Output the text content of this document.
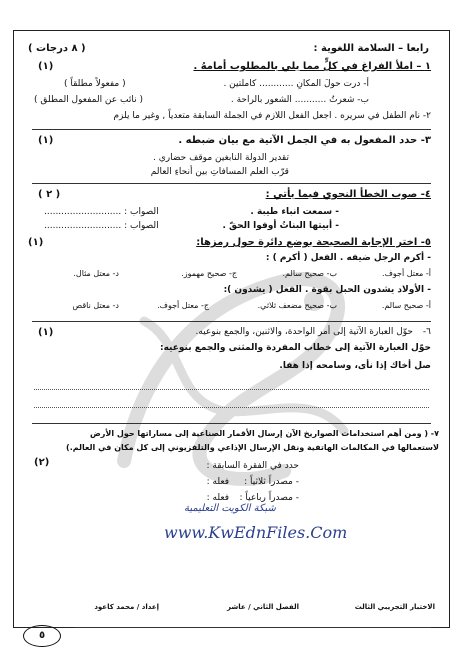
رابعا – السلامة اللغوية :
( ٨ درجات )
١ – املأ الفراغ في كلٍّ مما يلي بالمطلوب أمامهُ .
(١)
أ- درت حولَ المكانِ ............ كاملتين .
( مفعولاً مطلقاً )
ب- شعرتُ ........... الشعور بالراحة .
( نائب عن المفعول المطلق )
٢- نام الطفل في سريره . اجعل الفعل اللازم في الجملة السابقة متعدياً , وغير ما يلزم
٣- حدد المفعول به في الجمل الآتية مع بيان ضبطه .
(١)
تقدير الدولة النابغين موقف حضاري .
قرّب العلم المسافاتِ بين أنحاءِ العالم
٤- صوب الخطأ النحوي فيما يأتي :
( ٢ )
- سمعت انباء طيبة .
الصواب : ...........................
- أبيتها البناتُ أوفوا الحقّ .
الصواب : ...........................
٥- اختر الإجابة الصحيحة بوضع دائرة حول رمزها:
(١)
- أكرم الرجل ضيفه . الفعل ( أكرم ) :
أ- معتل أجوف.
ب- صحيح سالم.
ج- صحيح مهموز.
د- معتل مثال.
- الأولاد يشدون الحبل بقوة . الفعل ( يشدون ):
أ- صحيح سالم.
ب- صحيح مضعف ثلاثي.
ج- معتل أجوف.
د- معتل ناقص
٦-
حوّل العبارة الآتية إلى أمر الواحدة، والاثنين، والجمع بنوعيه.
(١)
حوّل العبارة الآتية إلى خطاب المفردة والمثنى والجمع بنوعيه:
صل أخاك إذا نأى، وسامحه إذا هفا.
٧- ( ومن أهم استخدامات الصواريخ الآن إرسال الأقمار الصناعية إلى مساراتها حول الأرض
لاستعمالها في المكالمات الهاتفية ونقل الإرسال الإذاعي والتلفزيوني إلى كل مكان في العالم.)
(٢)	حدد في الفقرة السابقة :
- مصدراً ثلاثياً :
فعله :
- مصدراً رباعياً :
فعله :
شبكة الكويت التعليمية
www.KwEdnFiles.Com
٥
الاختبار التجريبي الثالث
الفصل الثاني / عاشر
إعداد / محمد كاعود
